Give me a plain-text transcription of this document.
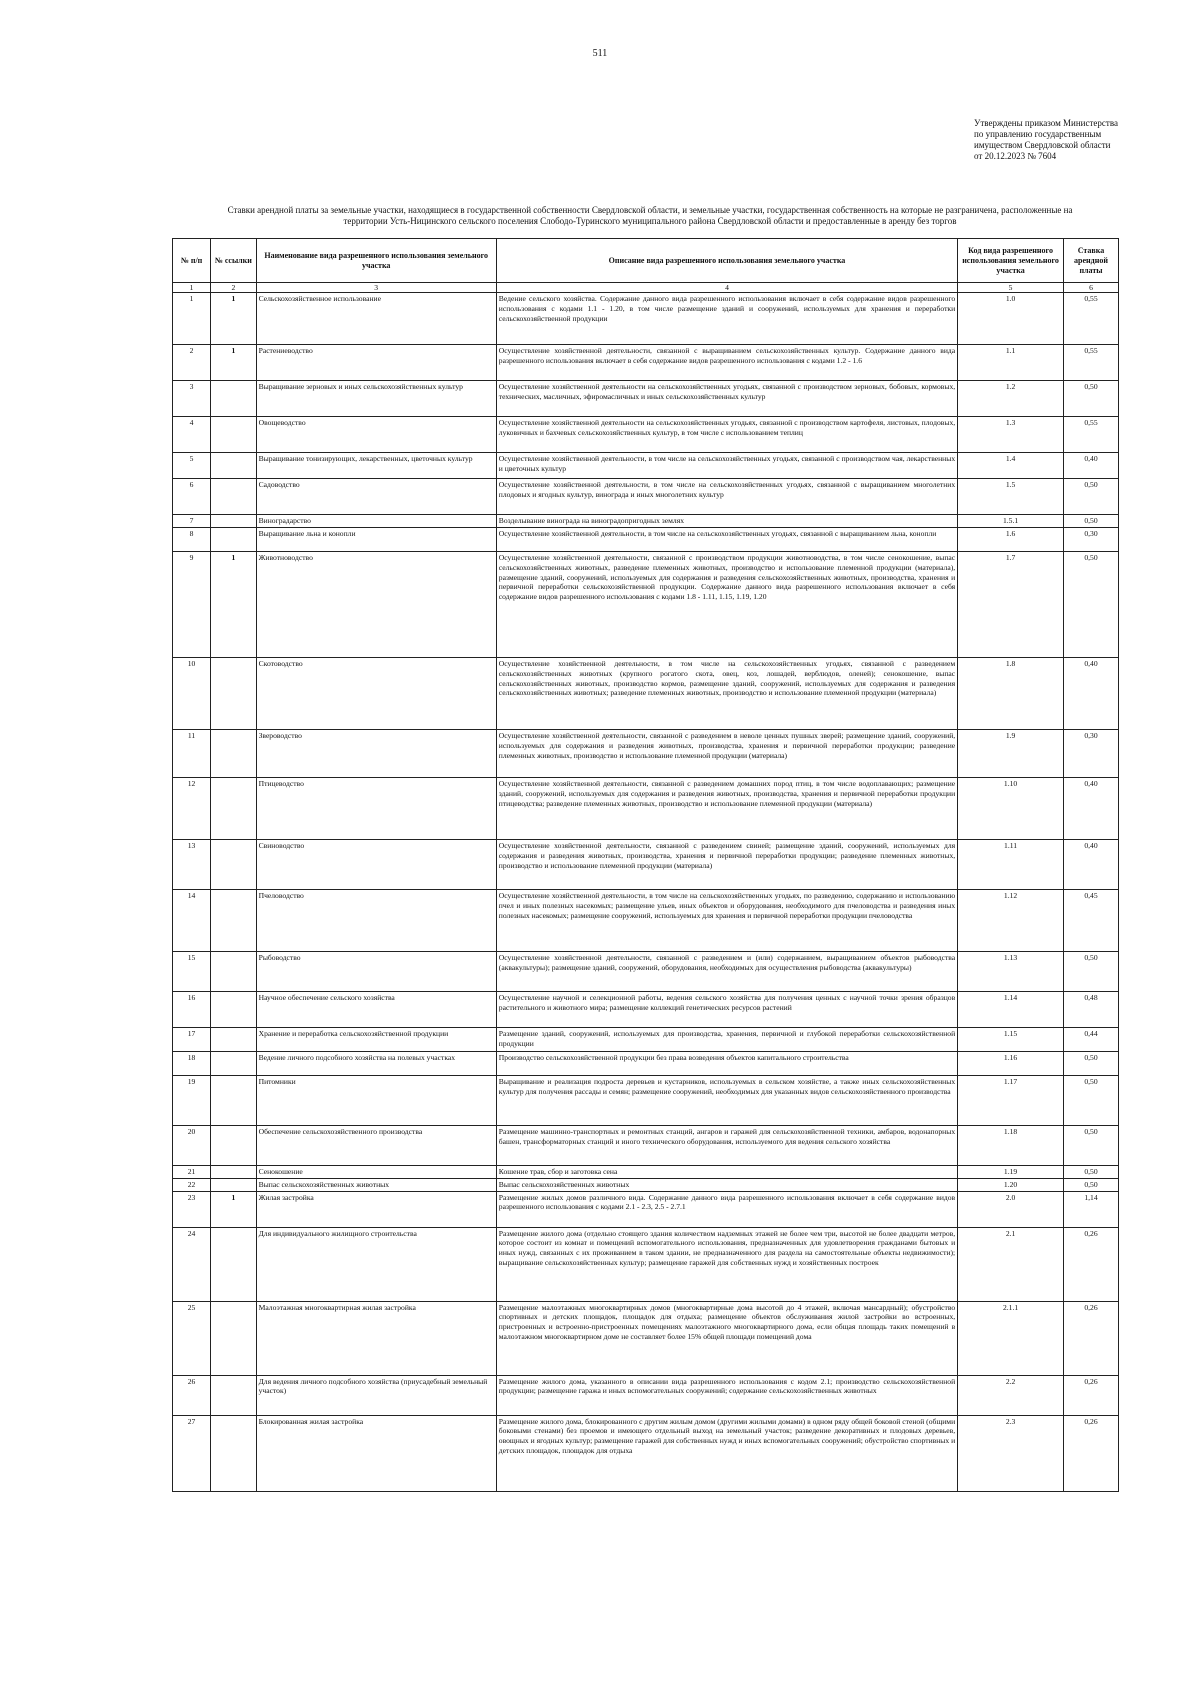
511
Утверждены приказом Министерства
по управлению государственным
имуществом Свердловской области
от 20.12.2023 № 7604
Ставки арендной платы за земельные участки, находящиеся в государственной собственности Свердловской области, и земельные участки, государственная собственность на которые не разграничена, расположенные на
территории Усть-Ницинского сельского поселения Слободо-Туринского муниципального района Свердловской области и предоставленные в аренду без торгов
№ п/п	№ ссылки	Наименование вида разрешенного использования земельного участка	Описание вида разрешенного использования земельного участка	Код вида разрешенного использования земельного участка	Ставка арендной платы
1	2	3	4	5	6
1	1	Сельскохозяйственное использование	Ведение сельского хозяйства. Содержание данного вида разрешенного использования включает в себя содержание видов разрешенного использования с кодами 1.1 - 1.20, в том числе размещение зданий и сооружений, используемых для хранения и переработки сельскохозяйственной продукции	1.0	0,55
2	1	Растениеводство	Осуществление хозяйственной деятельности, связанной с выращиванием сельскохозяйственных культур. Содержание данного вида разрешенного использования включает в себя содержание видов разрешенного использования с кодами 1.2 - 1.6	1.1	0,55
3		Выращивание зерновых и иных сельскохозяйственных культур	Осуществление хозяйственной деятельности на сельскохозяйственных угодьях, связанной с производством зерновых, бобовых, кормовых, технических, масличных, эфиромасличных и иных сельскохозяйственных культур	1.2	0,50
4		Овощеводство	Осуществление хозяйственной деятельности на сельскохозяйственных угодьях, связанной с производством картофеля, листовых, плодовых, луковичных и бахчевых сельскохозяйственных культур, в том числе с использованием теплиц	1.3	0,55
5		Выращивание тонизирующих, лекарственных, цветочных культур	Осуществление хозяйственной деятельности, в том числе на сельскохозяйственных угодьях, связанной с производством чая, лекарственных и цветочных культур	1.4	0,40
6		Садоводство	Осуществление хозяйственной деятельности, в том числе на сельскохозяйственных угодьях, связанной с выращиванием многолетних плодовых и ягодных культур, винограда и иных многолетних культур	1.5	0,50
7		Виноградарство	Возделывание винограда на виноградопригодных землях	1.5.1	0,50
8		Выращивание льна и конопли	Осуществление хозяйственной деятельности, в том числе на сельскохозяйственных угодьях, связанной с выращиванием льна, конопли	1.6	0,30
9	1	Животноводство	Осуществление хозяйственной деятельности, связанной с производством продукции животноводства, в том числе сенокошение, выпас сельскохозяйственных животных, разведение племенных животных, производство и использование племенной продукции (материала), размещение зданий, сооружений, используемых для содержания и разведения сельскохозяйственных животных, производства, хранения и первичной переработки сельскохозяйственной продукции. Содержание данного вида разрешенного использования включает в себя содержание видов разрешенного использования с кодами 1.8 - 1.11, 1.15, 1.19, 1.20	1.7	0,50
10		Скотоводство	Осуществление хозяйственной деятельности, в том числе на сельскохозяйственных угодьях, связанной с разведением сельскохозяйственных животных (крупного рогатого скота, овец, коз, лошадей, верблюдов, оленей); сенокошение, выпас сельскохозяйственных животных, производство кормов, размещение зданий, сооружений, используемых для содержания и разведения сельскохозяйственных животных; разведение племенных животных, производство и использование племенной продукции (материала)	1.8	0,40
11		Звероводство	Осуществление хозяйственной деятельности, связанной с разведением в неволе ценных пушных зверей; размещение зданий, сооружений, используемых для содержания и разведения животных, производства, хранения и первичной переработки продукции; разведение племенных животных, производство и использование племенной продукции (материала)	1.9	0,30
12		Птицеводство	Осуществление хозяйственной деятельности, связанной с разведением домашних пород птиц, в том числе водоплавающих; размещение зданий, сооружений, используемых для содержания и разведения животных, производства, хранения и первичной переработки продукции птицеводства; разведение племенных животных, производство и использование племенной продукции (материала)	1.10	0,40
13		Свиноводство	Осуществление хозяйственной деятельности, связанной с разведением свиней; размещение зданий, сооружений, используемых для содержания и разведения животных, производства, хранения и первичной переработки продукции; разведение племенных животных, производство и использование племенной продукции (материала)	1.11	0,40
14		Пчеловодство	Осуществление хозяйственной деятельности, в том числе на сельскохозяйственных угодьях, по разведению, содержанию и использованию пчел и иных полезных насекомых; размещение ульев, иных объектов и оборудования, необходимого для пчеловодства и разведения иных полезных насекомых; размещение сооружений, используемых для хранения и первичной переработки продукции пчеловодства	1.12	0,45
15		Рыбоводство	Осуществление хозяйственной деятельности, связанной с разведением и (или) содержанием, выращиванием объектов рыбоводства (аквакультуры); размещение зданий, сооружений, оборудования, необходимых для осуществления рыбоводства (аквакультуры)	1.13	0,50
16		Научное обеспечение сельского хозяйства	Осуществление научной и селекционной работы, ведения сельского хозяйства для получения ценных с научной точки зрения образцов растительного и животного мира; размещение коллекций генетических ресурсов растений	1.14	0,48
17		Хранение и переработка сельскохозяйственной продукции	Размещение зданий, сооружений, используемых для производства, хранения, первичной и глубокой переработки сельскохозяйственной продукции	1.15	0,44
18		Ведение личного подсобного хозяйства на полевых участках	Производство сельскохозяйственной продукции без права возведения объектов капитального строительства	1.16	0,50
19		Питомники	Выращивание и реализация подроста деревьев и кустарников, используемых в сельском хозяйстве, а также иных сельскохозяйственных культур для получения рассады и семян; размещение сооружений, необходимых для указанных видов сельскохозяйственного производства	1.17	0,50
20		Обеспечение сельскохозяйственного производства	Размещение машинно-транспортных и ремонтных станций, ангаров и гаражей для сельскохозяйственной техники, амбаров, водонапорных башен, трансформаторных станций и иного технического оборудования, используемого для ведения сельского хозяйства	1.18	0,50
21		Сенокошение	Кошение трав, сбор и заготовка сена	1.19	0,50
22		Выпас сельскохозяйственных животных	Выпас сельскохозяйственных животных	1.20	0,50
23	1	Жилая застройка	Размещение жилых домов различного вида. Содержание данного вида разрешенного использования включает в себя содержание видов разрешенного использования с кодами 2.1 - 2.3, 2.5 - 2.7.1	2.0	1,14
24		Для индивидуального жилищного строительства	Размещение жилого дома (отдельно стоящего здания количеством надземных этажей не более чем три, высотой не более двадцати метров, которое состоит из комнат и помещений вспомогательного использования, предназначенных для удовлетворения гражданами бытовых и иных нужд, связанных с их проживанием в таком здании, не предназначенного для раздела на самостоятельные объекты недвижимости); выращивание сельскохозяйственных культур; размещение гаражей для собственных нужд и хозяйственных построек	2.1	0,26
25		Малоэтажная многоквартирная жилая застройка	Размещение малоэтажных многоквартирных домов (многоквартирные дома высотой до 4 этажей, включая мансардный); обустройство спортивных и детских площадок, площадок для отдыха; размещение объектов обслуживания жилой застройки во встроенных, пристроенных и встроенно-пристроенных помещениях малоэтажного многоквартирного дома, если общая площадь таких помещений в малоэтажном многоквартирном доме не составляет более 15% общей площади помещений дома	2.1.1	0,26
26		Для ведения личного подсобного хозяйства (приусадебный земельный участок)	Размещение жилого дома, указанного в описании вида разрешенного использования с кодом 2.1; производство сельскохозяйственной продукции; размещение гаража и иных вспомогательных сооружений; содержание сельскохозяйственных животных	2.2	0,26
27		Блокированная жилая застройка	Размещение жилого дома, блокированного с другим жилым домом (другими жилыми домами) в одном ряду общей боковой стеной (общими боковыми стенами) без проемов и имеющего отдельный выход на земельный участок; разведение декоративных и плодовых деревьев, овощных и ягодных культур; размещение гаражей для собственных нужд и иных вспомогательных сооружений; обустройство спортивных и детских площадок, площадок для отдыха	2.3	0,26
